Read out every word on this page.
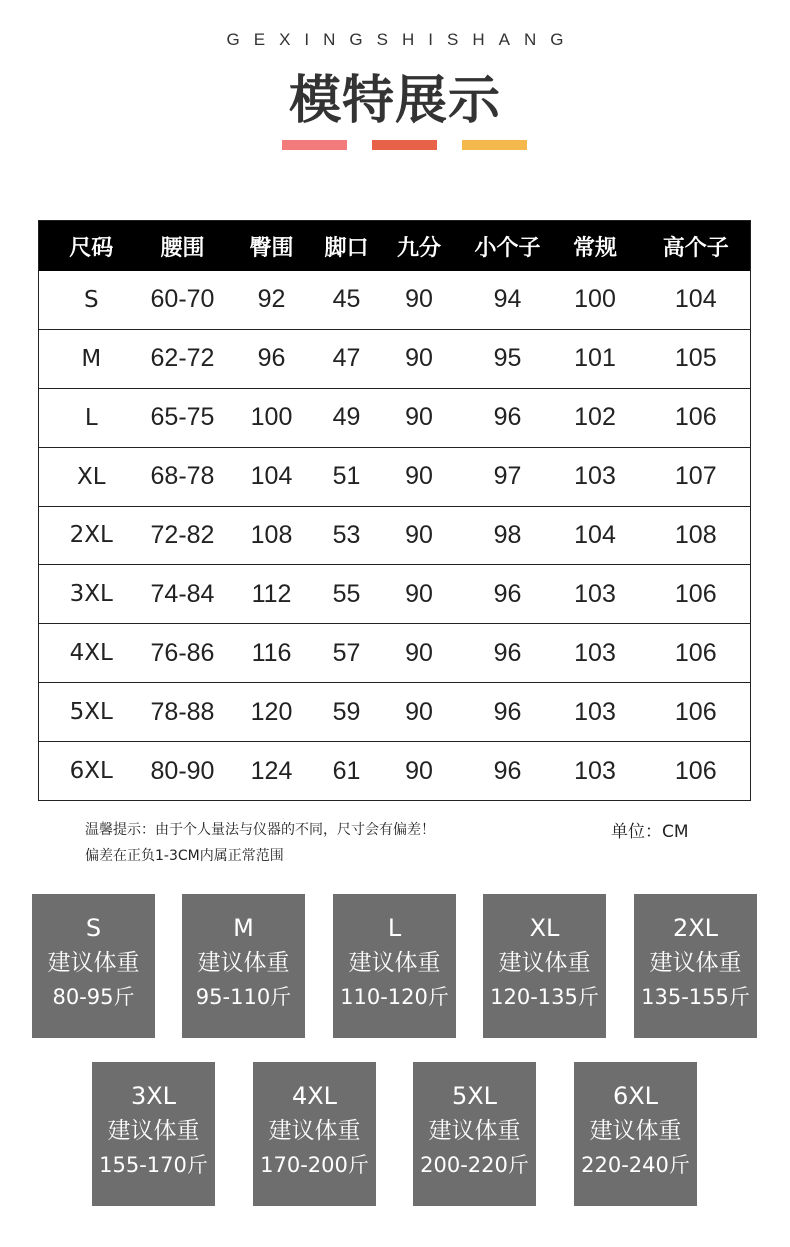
GEXINGSHISHANG
模特展示
尺码	腰围	臀围	脚口	九分	小个子	常规	高个子
S	60-70	92	45	90	94	100	104
M	62-72	96	47	90	95	101	105
L	65-75	100	49	90	96	102	106
XL	68-78	104	51	90	97	103	107
2XL	72-82	108	53	90	98	104	108
3XL	74-84	112	55	90	96	103	106
4XL	76-86	116	57	90	96	103	106
5XL	78-88	120	59	90	96	103	106
6XL	80-90	124	61	90	96	103	106
温馨提示：由于个人量法与仪器的不同，尺寸会有偏差！
偏差在正负1-3CM内属正常范围
单位：CM
S
建议体重
80-95斤
M
建议体重
95-110斤
L
建议体重
110-120斤
XL
建议体重
120-135斤
2XL
建议体重
135-155斤
3XL
建议体重
155-170斤
4XL
建议体重
170-200斤
5XL
建议体重
200-220斤
6XL
建议体重
220-240斤
